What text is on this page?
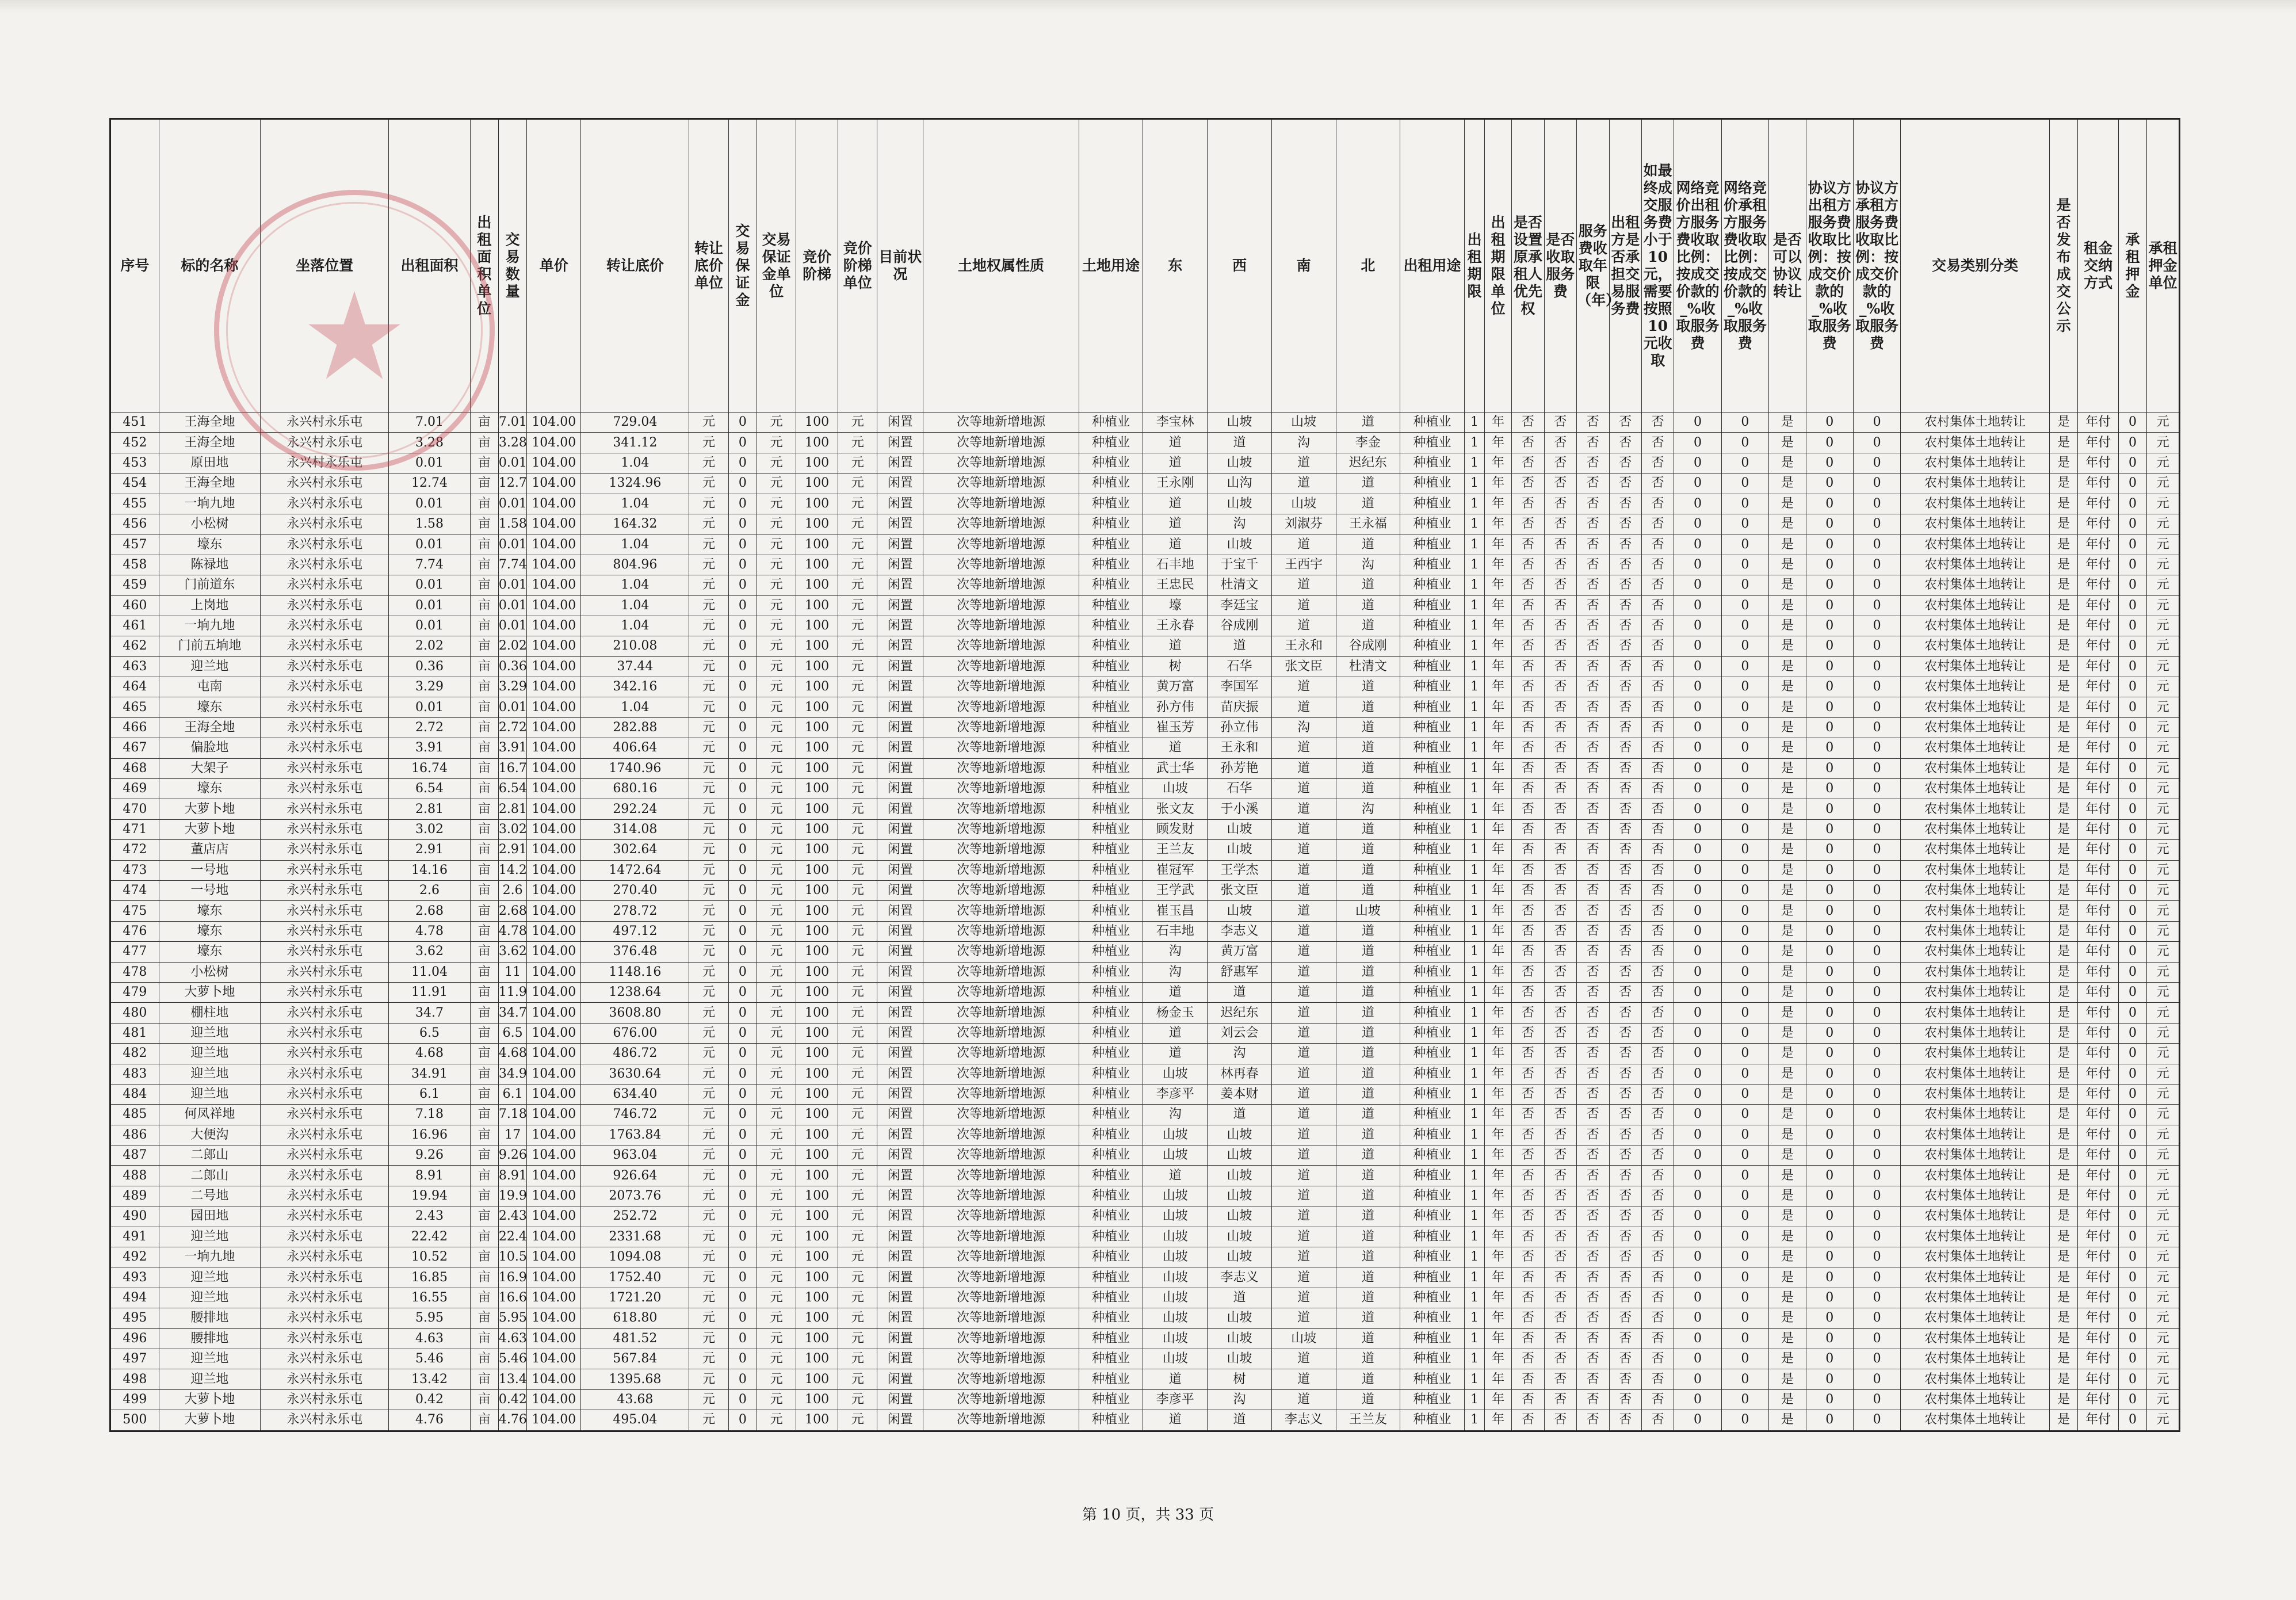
序号	标的名称	坐落位置	出租面积	出租面积单位	交易数量	单价	转让底价	转让底价单位	交易保证金	交易保证金单位	竞价阶梯	竞价阶梯单位	目前状况	土地权属性质	土地用途	东	西	南	北	出租用途	出租期限	出租期限单位	是否设置原承租人优先权	是否收取服务费	服务费收取年限（年）	出租方是否承担交易服务费	如最终成交服务费小于10元，需要按照10元收取	网络竞价出租方服务费收取比例：按成交价款的_%收取服务费	网络竞价承租方服务费收取比例：按成交价款的_%收取服务费	是否可以协议转让	协议方出租方服务费收取比例：按成交价款的_%收取服务费	协议方承租方服务费收取比例：按成交价款的_%收取服务费	交易类别分类	是否发布成交公示	租金交纳方式	承租押金	承租押金单位
451	王海全地	永兴村永乐屯	7.01	亩	7.01	104.00	729.04	元	0	元	100	元	闲置	次等地新增地源	种植业	李宝林	山坡	山坡	道	种植业	1	年	否	否	否	否	否	0	0	是	0	0	农村集体土地转让	是	年付	0	元
452	王海全地	永兴村永乐屯	3.28	亩	3.28	104.00	341.12	元	0	元	100	元	闲置	次等地新增地源	种植业	道	道	沟	李金	种植业	1	年	否	否	否	否	否	0	0	是	0	0	农村集体土地转让	是	年付	0	元
453	原田地	永兴村永乐屯	0.01	亩	0.01	104.00	1.04	元	0	元	100	元	闲置	次等地新增地源	种植业	道	山坡	道	迟纪东	种植业	1	年	否	否	否	否	否	0	0	是	0	0	农村集体土地转让	是	年付	0	元
454	王海全地	永兴村永乐屯	12.74	亩	12.7	104.00	1324.96	元	0	元	100	元	闲置	次等地新增地源	种植业	王永刚	山沟	道	道	种植业	1	年	否	否	否	否	否	0	0	是	0	0	农村集体土地转让	是	年付	0	元
455	一垧九地	永兴村永乐屯	0.01	亩	0.01	104.00	1.04	元	0	元	100	元	闲置	次等地新增地源	种植业	道	山坡	山坡	道	种植业	1	年	否	否	否	否	否	0	0	是	0	0	农村集体土地转让	是	年付	0	元
456	小松树	永兴村永乐屯	1.58	亩	1.58	104.00	164.32	元	0	元	100	元	闲置	次等地新增地源	种植业	道	沟	刘淑芬	王永福	种植业	1	年	否	否	否	否	否	0	0	是	0	0	农村集体土地转让	是	年付	0	元
457	壕东	永兴村永乐屯	0.01	亩	0.01	104.00	1.04	元	0	元	100	元	闲置	次等地新增地源	种植业	道	山坡	道	道	种植业	1	年	否	否	否	否	否	0	0	是	0	0	农村集体土地转让	是	年付	0	元
458	陈禄地	永兴村永乐屯	7.74	亩	7.74	104.00	804.96	元	0	元	100	元	闲置	次等地新增地源	种植业	石丰地	于宝千	王西宇	沟	种植业	1	年	否	否	否	否	否	0	0	是	0	0	农村集体土地转让	是	年付	0	元
459	门前道东	永兴村永乐屯	0.01	亩	0.01	104.00	1.04	元	0	元	100	元	闲置	次等地新增地源	种植业	王忠民	杜清文	道	道	种植业	1	年	否	否	否	否	否	0	0	是	0	0	农村集体土地转让	是	年付	0	元
460	上岗地	永兴村永乐屯	0.01	亩	0.01	104.00	1.04	元	0	元	100	元	闲置	次等地新增地源	种植业	壕	李廷宝	道	道	种植业	1	年	否	否	否	否	否	0	0	是	0	0	农村集体土地转让	是	年付	0	元
461	一垧九地	永兴村永乐屯	0.01	亩	0.01	104.00	1.04	元	0	元	100	元	闲置	次等地新增地源	种植业	王永春	谷成刚	道	道	种植业	1	年	否	否	否	否	否	0	0	是	0	0	农村集体土地转让	是	年付	0	元
462	门前五垧地	永兴村永乐屯	2.02	亩	2.02	104.00	210.08	元	0	元	100	元	闲置	次等地新增地源	种植业	道	道	王永和	谷成刚	种植业	1	年	否	否	否	否	否	0	0	是	0	0	农村集体土地转让	是	年付	0	元
463	迎兰地	永兴村永乐屯	0.36	亩	0.36	104.00	37.44	元	0	元	100	元	闲置	次等地新增地源	种植业	树	石华	张文臣	杜清文	种植业	1	年	否	否	否	否	否	0	0	是	0	0	农村集体土地转让	是	年付	0	元
464	屯南	永兴村永乐屯	3.29	亩	3.29	104.00	342.16	元	0	元	100	元	闲置	次等地新增地源	种植业	黄万富	李国军	道	道	种植业	1	年	否	否	否	否	否	0	0	是	0	0	农村集体土地转让	是	年付	0	元
465	壕东	永兴村永乐屯	0.01	亩	0.01	104.00	1.04	元	0	元	100	元	闲置	次等地新增地源	种植业	孙方伟	苗庆振	道	道	种植业	1	年	否	否	否	否	否	0	0	是	0	0	农村集体土地转让	是	年付	0	元
466	王海全地	永兴村永乐屯	2.72	亩	2.72	104.00	282.88	元	0	元	100	元	闲置	次等地新增地源	种植业	崔玉芳	孙立伟	沟	道	种植业	1	年	否	否	否	否	否	0	0	是	0	0	农村集体土地转让	是	年付	0	元
467	偏脸地	永兴村永乐屯	3.91	亩	3.91	104.00	406.64	元	0	元	100	元	闲置	次等地新增地源	种植业	道	王永和	道	道	种植业	1	年	否	否	否	否	否	0	0	是	0	0	农村集体土地转让	是	年付	0	元
468	大架子	永兴村永乐屯	16.74	亩	16.7	104.00	1740.96	元	0	元	100	元	闲置	次等地新增地源	种植业	武士华	孙芳艳	道	道	种植业	1	年	否	否	否	否	否	0	0	是	0	0	农村集体土地转让	是	年付	0	元
469	壕东	永兴村永乐屯	6.54	亩	6.54	104.00	680.16	元	0	元	100	元	闲置	次等地新增地源	种植业	山坡	石华	道	道	种植业	1	年	否	否	否	否	否	0	0	是	0	0	农村集体土地转让	是	年付	0	元
470	大萝卜地	永兴村永乐屯	2.81	亩	2.81	104.00	292.24	元	0	元	100	元	闲置	次等地新增地源	种植业	张文友	于小溪	道	沟	种植业	1	年	否	否	否	否	否	0	0	是	0	0	农村集体土地转让	是	年付	0	元
471	大萝卜地	永兴村永乐屯	3.02	亩	3.02	104.00	314.08	元	0	元	100	元	闲置	次等地新增地源	种植业	顾发财	山坡	道	道	种植业	1	年	否	否	否	否	否	0	0	是	0	0	农村集体土地转让	是	年付	0	元
472	董店店	永兴村永乐屯	2.91	亩	2.91	104.00	302.64	元	0	元	100	元	闲置	次等地新增地源	种植业	王兰友	山坡	道	道	种植业	1	年	否	否	否	否	否	0	0	是	0	0	农村集体土地转让	是	年付	0	元
473	一号地	永兴村永乐屯	14.16	亩	14.2	104.00	1472.64	元	0	元	100	元	闲置	次等地新增地源	种植业	崔冠军	王学杰	道	道	种植业	1	年	否	否	否	否	否	0	0	是	0	0	农村集体土地转让	是	年付	0	元
474	一号地	永兴村永乐屯	2.6	亩	2.6	104.00	270.40	元	0	元	100	元	闲置	次等地新增地源	种植业	王学武	张文臣	道	道	种植业	1	年	否	否	否	否	否	0	0	是	0	0	农村集体土地转让	是	年付	0	元
475	壕东	永兴村永乐屯	2.68	亩	2.68	104.00	278.72	元	0	元	100	元	闲置	次等地新增地源	种植业	崔玉昌	山坡	道	山坡	种植业	1	年	否	否	否	否	否	0	0	是	0	0	农村集体土地转让	是	年付	0	元
476	壕东	永兴村永乐屯	4.78	亩	4.78	104.00	497.12	元	0	元	100	元	闲置	次等地新增地源	种植业	石丰地	李志义	道	道	种植业	1	年	否	否	否	否	否	0	0	是	0	0	农村集体土地转让	是	年付	0	元
477	壕东	永兴村永乐屯	3.62	亩	3.62	104.00	376.48	元	0	元	100	元	闲置	次等地新增地源	种植业	沟	黄万富	道	道	种植业	1	年	否	否	否	否	否	0	0	是	0	0	农村集体土地转让	是	年付	0	元
478	小松树	永兴村永乐屯	11.04	亩	11	104.00	1148.16	元	0	元	100	元	闲置	次等地新增地源	种植业	沟	舒惠军	道	道	种植业	1	年	否	否	否	否	否	0	0	是	0	0	农村集体土地转让	是	年付	0	元
479	大萝卜地	永兴村永乐屯	11.91	亩	11.9	104.00	1238.64	元	0	元	100	元	闲置	次等地新增地源	种植业	道	道	道	道	种植业	1	年	否	否	否	否	否	0	0	是	0	0	农村集体土地转让	是	年付	0	元
480	棚柱地	永兴村永乐屯	34.7	亩	34.7	104.00	3608.80	元	0	元	100	元	闲置	次等地新增地源	种植业	杨金玉	迟纪东	道	道	种植业	1	年	否	否	否	否	否	0	0	是	0	0	农村集体土地转让	是	年付	0	元
481	迎兰地	永兴村永乐屯	6.5	亩	6.5	104.00	676.00	元	0	元	100	元	闲置	次等地新增地源	种植业	道	刘云会	道	道	种植业	1	年	否	否	否	否	否	0	0	是	0	0	农村集体土地转让	是	年付	0	元
482	迎兰地	永兴村永乐屯	4.68	亩	4.68	104.00	486.72	元	0	元	100	元	闲置	次等地新增地源	种植业	道	沟	道	道	种植业	1	年	否	否	否	否	否	0	0	是	0	0	农村集体土地转让	是	年付	0	元
483	迎兰地	永兴村永乐屯	34.91	亩	34.9	104.00	3630.64	元	0	元	100	元	闲置	次等地新增地源	种植业	山坡	林再春	道	道	种植业	1	年	否	否	否	否	否	0	0	是	0	0	农村集体土地转让	是	年付	0	元
484	迎兰地	永兴村永乐屯	6.1	亩	6.1	104.00	634.40	元	0	元	100	元	闲置	次等地新增地源	种植业	李彦平	姜本财	道	道	种植业	1	年	否	否	否	否	否	0	0	是	0	0	农村集体土地转让	是	年付	0	元
485	何凤祥地	永兴村永乐屯	7.18	亩	7.18	104.00	746.72	元	0	元	100	元	闲置	次等地新增地源	种植业	沟	道	道	道	种植业	1	年	否	否	否	否	否	0	0	是	0	0	农村集体土地转让	是	年付	0	元
486	大便沟	永兴村永乐屯	16.96	亩	17	104.00	1763.84	元	0	元	100	元	闲置	次等地新增地源	种植业	山坡	山坡	道	道	种植业	1	年	否	否	否	否	否	0	0	是	0	0	农村集体土地转让	是	年付	0	元
487	二郎山	永兴村永乐屯	9.26	亩	9.26	104.00	963.04	元	0	元	100	元	闲置	次等地新增地源	种植业	山坡	山坡	道	道	种植业	1	年	否	否	否	否	否	0	0	是	0	0	农村集体土地转让	是	年付	0	元
488	二郎山	永兴村永乐屯	8.91	亩	8.91	104.00	926.64	元	0	元	100	元	闲置	次等地新增地源	种植业	道	山坡	道	道	种植业	1	年	否	否	否	否	否	0	0	是	0	0	农村集体土地转让	是	年付	0	元
489	二号地	永兴村永乐屯	19.94	亩	19.9	104.00	2073.76	元	0	元	100	元	闲置	次等地新增地源	种植业	山坡	山坡	道	道	种植业	1	年	否	否	否	否	否	0	0	是	0	0	农村集体土地转让	是	年付	0	元
490	园田地	永兴村永乐屯	2.43	亩	2.43	104.00	252.72	元	0	元	100	元	闲置	次等地新增地源	种植业	山坡	山坡	道	道	种植业	1	年	否	否	否	否	否	0	0	是	0	0	农村集体土地转让	是	年付	0	元
491	迎兰地	永兴村永乐屯	22.42	亩	22.4	104.00	2331.68	元	0	元	100	元	闲置	次等地新增地源	种植业	山坡	山坡	道	道	种植业	1	年	否	否	否	否	否	0	0	是	0	0	农村集体土地转让	是	年付	0	元
492	一垧九地	永兴村永乐屯	10.52	亩	10.5	104.00	1094.08	元	0	元	100	元	闲置	次等地新增地源	种植业	山坡	山坡	道	道	种植业	1	年	否	否	否	否	否	0	0	是	0	0	农村集体土地转让	是	年付	0	元
493	迎兰地	永兴村永乐屯	16.85	亩	16.9	104.00	1752.40	元	0	元	100	元	闲置	次等地新增地源	种植业	山坡	李志义	道	道	种植业	1	年	否	否	否	否	否	0	0	是	0	0	农村集体土地转让	是	年付	0	元
494	迎兰地	永兴村永乐屯	16.55	亩	16.6	104.00	1721.20	元	0	元	100	元	闲置	次等地新增地源	种植业	山坡	道	道	道	种植业	1	年	否	否	否	否	否	0	0	是	0	0	农村集体土地转让	是	年付	0	元
495	腰排地	永兴村永乐屯	5.95	亩	5.95	104.00	618.80	元	0	元	100	元	闲置	次等地新增地源	种植业	山坡	山坡	道	道	种植业	1	年	否	否	否	否	否	0	0	是	0	0	农村集体土地转让	是	年付	0	元
496	腰排地	永兴村永乐屯	4.63	亩	4.63	104.00	481.52	元	0	元	100	元	闲置	次等地新增地源	种植业	山坡	山坡	山坡	道	种植业	1	年	否	否	否	否	否	0	0	是	0	0	农村集体土地转让	是	年付	0	元
497	迎兰地	永兴村永乐屯	5.46	亩	5.46	104.00	567.84	元	0	元	100	元	闲置	次等地新增地源	种植业	山坡	山坡	道	道	种植业	1	年	否	否	否	否	否	0	0	是	0	0	农村集体土地转让	是	年付	0	元
498	迎兰地	永兴村永乐屯	13.42	亩	13.4	104.00	1395.68	元	0	元	100	元	闲置	次等地新增地源	种植业	道	树	道	道	种植业	1	年	否	否	否	否	否	0	0	是	0	0	农村集体土地转让	是	年付	0	元
499	大萝卜地	永兴村永乐屯	0.42	亩	0.42	104.00	43.68	元	0	元	100	元	闲置	次等地新增地源	种植业	李彦平	沟	道	道	种植业	1	年	否	否	否	否	否	0	0	是	0	0	农村集体土地转让	是	年付	0	元
500	大萝卜地	永兴村永乐屯	4.76	亩	4.76	104.00	495.04	元	0	元	100	元	闲置	次等地新增地源	种植业	道	道	李志义	王兰友	种植业	1	年	否	否	否	否	否	0	0	是	0	0	农村集体土地转让	是	年付	0	元
第 10 页，共 33 页
